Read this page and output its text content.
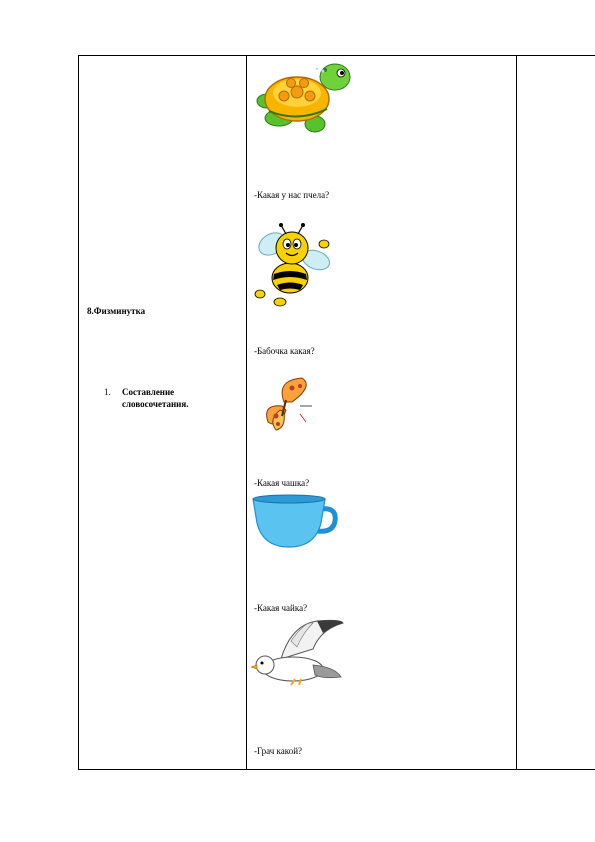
8.Физминутка
1. Составление
словосочетания.
-Какая у нас пчела?
-Бабочка какая?
-Какая чашка?
-Какая чайка?
-Грач какой?
